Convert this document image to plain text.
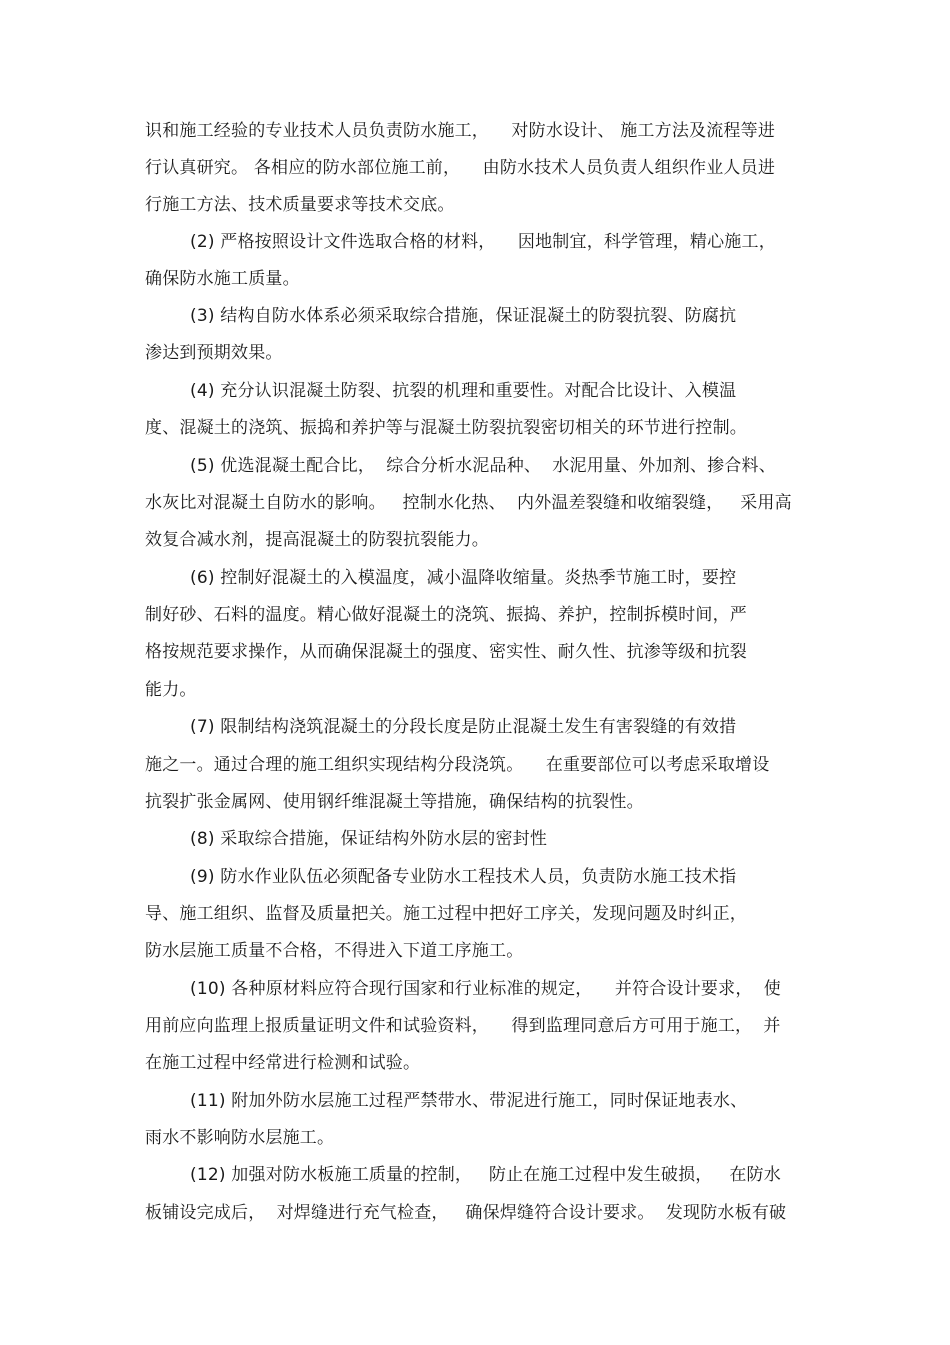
识和施工经验的专业技术人员负责防水施工，    对防水设计、 施工方法及流程等进
行认真研究。 各相应的防水部位施工前，    由防水技术人员负责人组织作业人员进
行施工方法、技术质量要求等技术交底。
(2) 严格按照设计文件选取合格的材料，    因地制宜，科学管理，精心施工，
确保防水施工质量。
(3) 结构自防水体系必须采取综合措施，保证混凝土的防裂抗裂、防腐抗
渗达到预期效果。
(4) 充分认识混凝土防裂、抗裂的机理和重要性。对配合比设计、入模温
度、混凝土的浇筑、振捣和养护等与混凝土防裂抗裂密切相关的环节进行控制。
(5) 优选混凝土配合比，  综合分析水泥品种、  水泥用量、外加剂、掺合料、
水灰比对混凝土自防水的影响。   控制水化热、  内外温差裂缝和收缩裂缝，   采用高
效复合减水剂，提高混凝土的防裂抗裂能力。
(6) 控制好混凝土的入模温度，减小温降收缩量。炎热季节施工时，要控
制好砂、石料的温度。精心做好混凝土的浇筑、振捣、养护，控制拆模时间，严
格按规范要求操作，从而确保混凝土的强度、密实性、耐久性、抗渗等级和抗裂
能力。
(7) 限制结构浇筑混凝土的分段长度是防止混凝土发生有害裂缝的有效措
施之一。通过合理的施工组织实现结构分段浇筑。    在重要部位可以考虑采取增设
抗裂扩张金属网、使用钢纤维混凝土等措施，确保结构的抗裂性。
(8) 采取综合措施，保证结构外防水层的密封性
(9) 防水作业队伍必须配备专业防水工程技术人员，负责防水施工技术指
导、施工组织、监督及质量把关。施工过程中把好工序关，发现问题及时纠正，
防水层施工质量不合格，不得进入下道工序施工。
(10) 各种原材料应符合现行国家和行业标准的规定，    并符合设计要求，  使
用前应向监理上报质量证明文件和试验资料，    得到监理同意后方可用于施工，  并
在施工过程中经常进行检测和试验。
(11) 附加外防水层施工过程严禁带水、带泥进行施工，同时保证地表水、
雨水不影响防水层施工。
(12) 加强对防水板施工质量的控制，   防止在施工过程中发生破损，   在防水
板铺设完成后，  对焊缝进行充气检查，   确保焊缝符合设计要求。  发现防水板有破
